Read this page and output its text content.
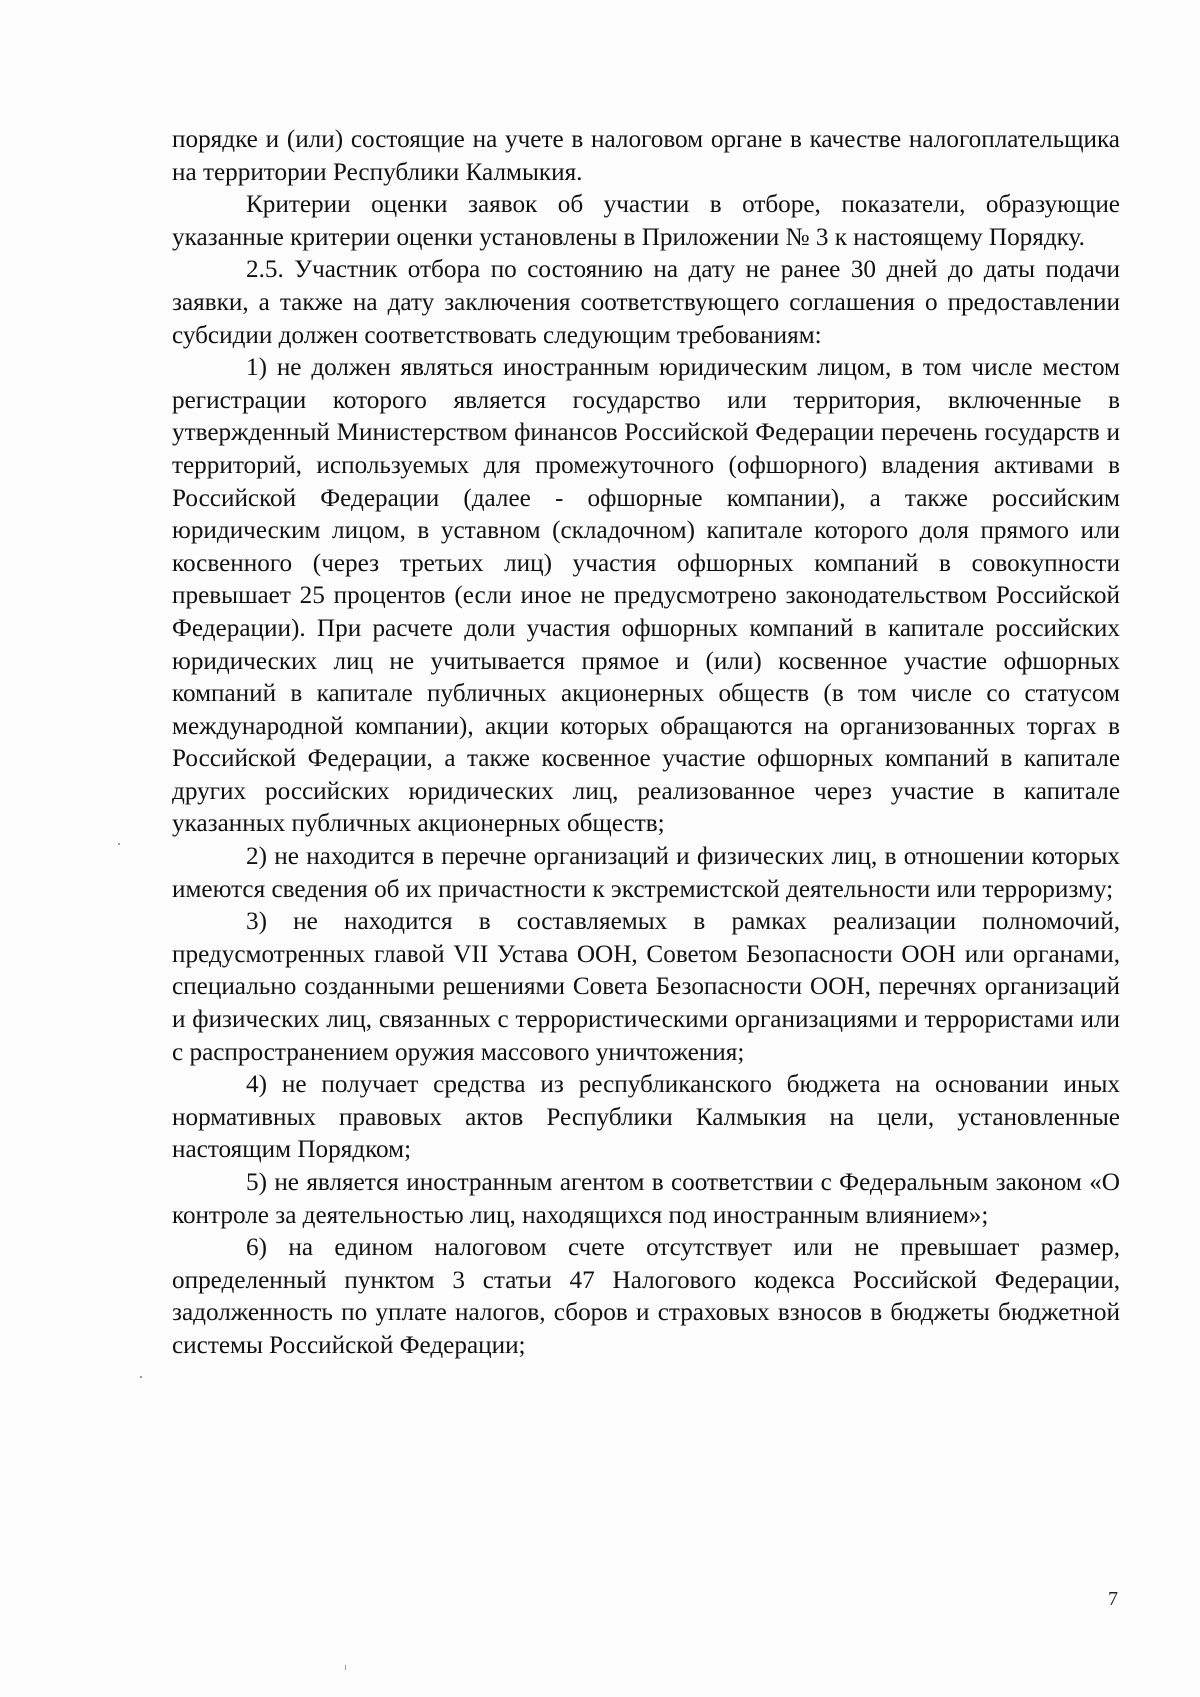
порядке и (или) состоящие на учете в налоговом органе в качестве налогоплательщика на территории Республики Калмыкия.

Критерии оценки заявок об участии в отборе, показатели, образующие указанные критерии оценки установлены в Приложении № 3 к настоящему Порядку.

2.5. Участник отбора по состоянию на дату не ранее 30 дней до даты подачи заявки, а также на дату заключения соответствующего соглашения о предоставлении субсидии должен соответствовать следующим требованиям:

1) не должен являться иностранным юридическим лицом, в том числе местом регистрации которого является государство или территория, включенные в утвержденный Министерством финансов Российской Федерации перечень государств и территорий, используемых для промежуточного (офшорного) владения активами в Российской Федерации (далее - офшорные компании), а также российским юридическим лицом, в уставном (складочном) капитале которого доля прямого или косвенного (через третьих лиц) участия офшорных компаний в совокупности превышает 25 процентов (если иное не предусмотрено законодательством Российской Федерации). При расчете доли участия офшорных компаний в капитале российских юридических лиц не учитывается прямое и (или) косвенное участие офшорных компаний в капитале публичных акционерных обществ (в том числе со статусом международной компании), акции которых обращаются на организованных торгах в Российской Федерации, а также косвенное участие офшорных компаний в капитале других российских юридических лиц, реализованное через участие в капитале указанных публичных акционерных обществ;

2) не находится в перечне организаций и физических лиц, в отношении которых имеются сведения об их причастности к экстремистской деятельности или терроризму;

3) не находится в составляемых в рамках реализации полномочий, предусмотренных главой VII Устава ООН, Советом Безопасности ООН или органами, специально созданными решениями Совета Безопасности ООН, перечнях организаций и физических лиц, связанных с террористическими организациями и террористами или с распространением оружия массового уничтожения;

4) не получает средства из республиканского бюджета на основании иных нормативных правовых актов Республики Калмыкия на цели, установленные настоящим Порядком;

5) не является иностранным агентом в соответствии с Федеральным законом «О контроле за деятельностью лиц, находящихся под иностранным влиянием»;

6) на едином налоговом счете отсутствует или не превышает размер, определенный пунктом 3 статьи 47 Налогового кодекса Российской Федерации, задолженность по уплате налогов, сборов и страховых взносов в бюджеты бюджетной системы Российской Федерации;

7
